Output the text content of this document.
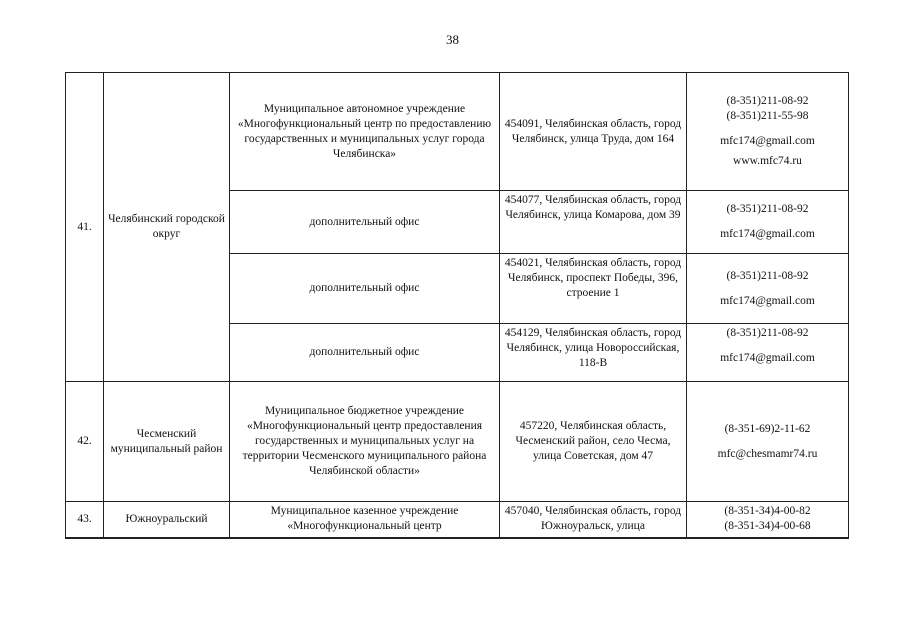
38
41.	Челябинский городской округ	Муниципальное автономное учреждение «Многофункциональный центр по предоставлению государственных и муниципальных услуг города Челябинска»	454091, Челябинская область, город Челябинск, улица Труда, дом 164	(8-351)211-08-92
(8-351)211-55-98
mfc174@gmail.com
www.mfc74.ru

		дополнительный офис	454077, Челябинская область, город Челябинск, улица Комарова, дом 39	(8-351)211-08-92
mfc174@gmail.com

		дополнительный офис	454021, Челябинская область, город Челябинск, проспект Победы, 396, строение 1	(8-351)211-08-92
mfc174@gmail.com

		дополнительный офис	454129, Челябинская область, город Челябинск, улица Новороссийская, 118-В	(8-351)211-08-92
mfc174@gmail.com

42.	Чесменский муниципальный район	Муниципальное бюджетное учреждение «Многофункциональный центр предоставления государственных и муниципальных услуг на территории Чесменского муниципального района Челябинской области»	457220, Челябинская область, Чесменский район, село Чесма, улица Советская, дом 47	(8-351-69)2-11-62
mfc@chesmamr74.ru

43.	Южноуральский	Муниципальное казенное учреждение «Многофункциональный центр	457040, Челябинская область, город Южноуральск, улица	(8-351-34)4-00-82
(8-351-34)4-00-68
